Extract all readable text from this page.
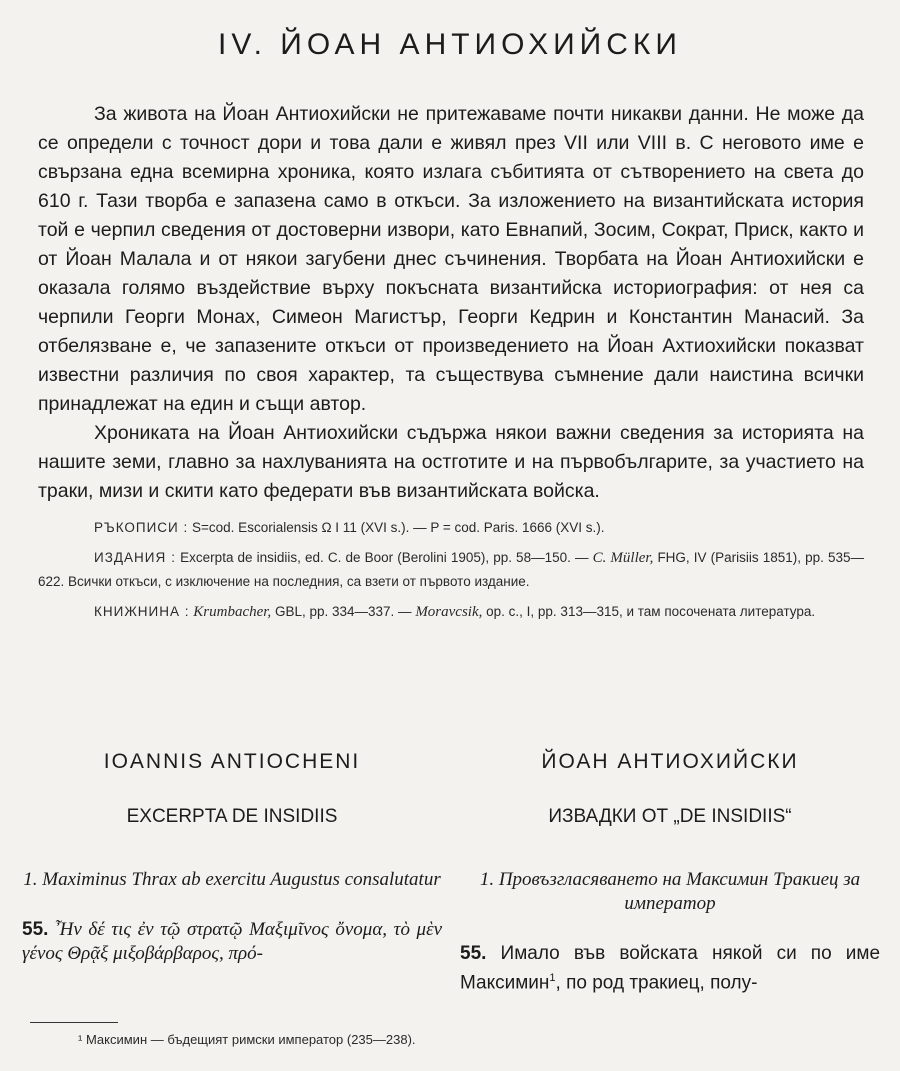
IV. ЙОАН АНТИОХИЙСКИ

За живота на Йоан Антиохийски не притежаваме почти никакви данни. Не може да се определи с точност дори и това дали е живял през VII или VIII в. С неговото име е свързана една всемирна хроника, която излага събитията от сътворението на света до 610 г. Тази творба е запазена само в откъси. За изложението на византийската история той е черпил сведения от достоверни извори, като Евнапий, Зосим, Сократ, Приск, както и от Йоан Малала и от някои загубени днес съчинения. Творбата на Йоан Антиохийски е оказала голямо въздействие върху покъсната византийска историография: от нея са черпили Георги Монах, Симеон Магистър, Георги Кедрин и Константин Манасий. За отбелязване е, че запазените откъси от произведението на Йоан Ахтиохийски показват известни различия по своя характер, та съществува съмнение дали наистина всички принадлежат на един и същи автор.

Хрониката на Йоан Антиохийски съдържа някои важни сведения за историята на нашите земи, главно за нахлуванията на остготите и на първобългарите, за участието на траки, мизи и скити като федерати във византийската войска.

РЪКОПИСИ : S=cod. Escorialensis Ω I 11 (XVI s.). — P = cod. Paris. 1666 (XVI s.).

ИЗДАНИЯ : Excerpta de insidiis, ed. C. de Boor (Berolini 1905), pp. 58—150. — C. Müller, FHG, IV (Parisiis 1851), pp. 535—622. Всички откъси, с изключение на последния, са взети от първото издание.

КНИЖНИНА : Krumbacher, GBL, pp. 334—337. — Moravcsik, op. c., I, pp. 313—315, и там посочената литература.

IOANNIS ANTIOCHENI
EXCERPTA DE INSIDIIS
1. Maximinus Thrax ab exercitu Augustus consalutatur

55. Ἦν δέ τις ἐν τῷ στρατῷ Μαξιμῖνος ὄνομα, τὸ μὲν γένος Θρᾷξ μιξοβάρβαρος, πρό-

ЙОАН АНТИОХИЙСКИ
ИЗВАДКИ ОТ „DE INSIDIIS“
1. Провъзгласяването на Максимин Тракиец за император

55. Имало във войската някой си по име Максимин$^1$, по род тракиец, полу-

¹ Максимин — бъдещият римски император (235—238).
